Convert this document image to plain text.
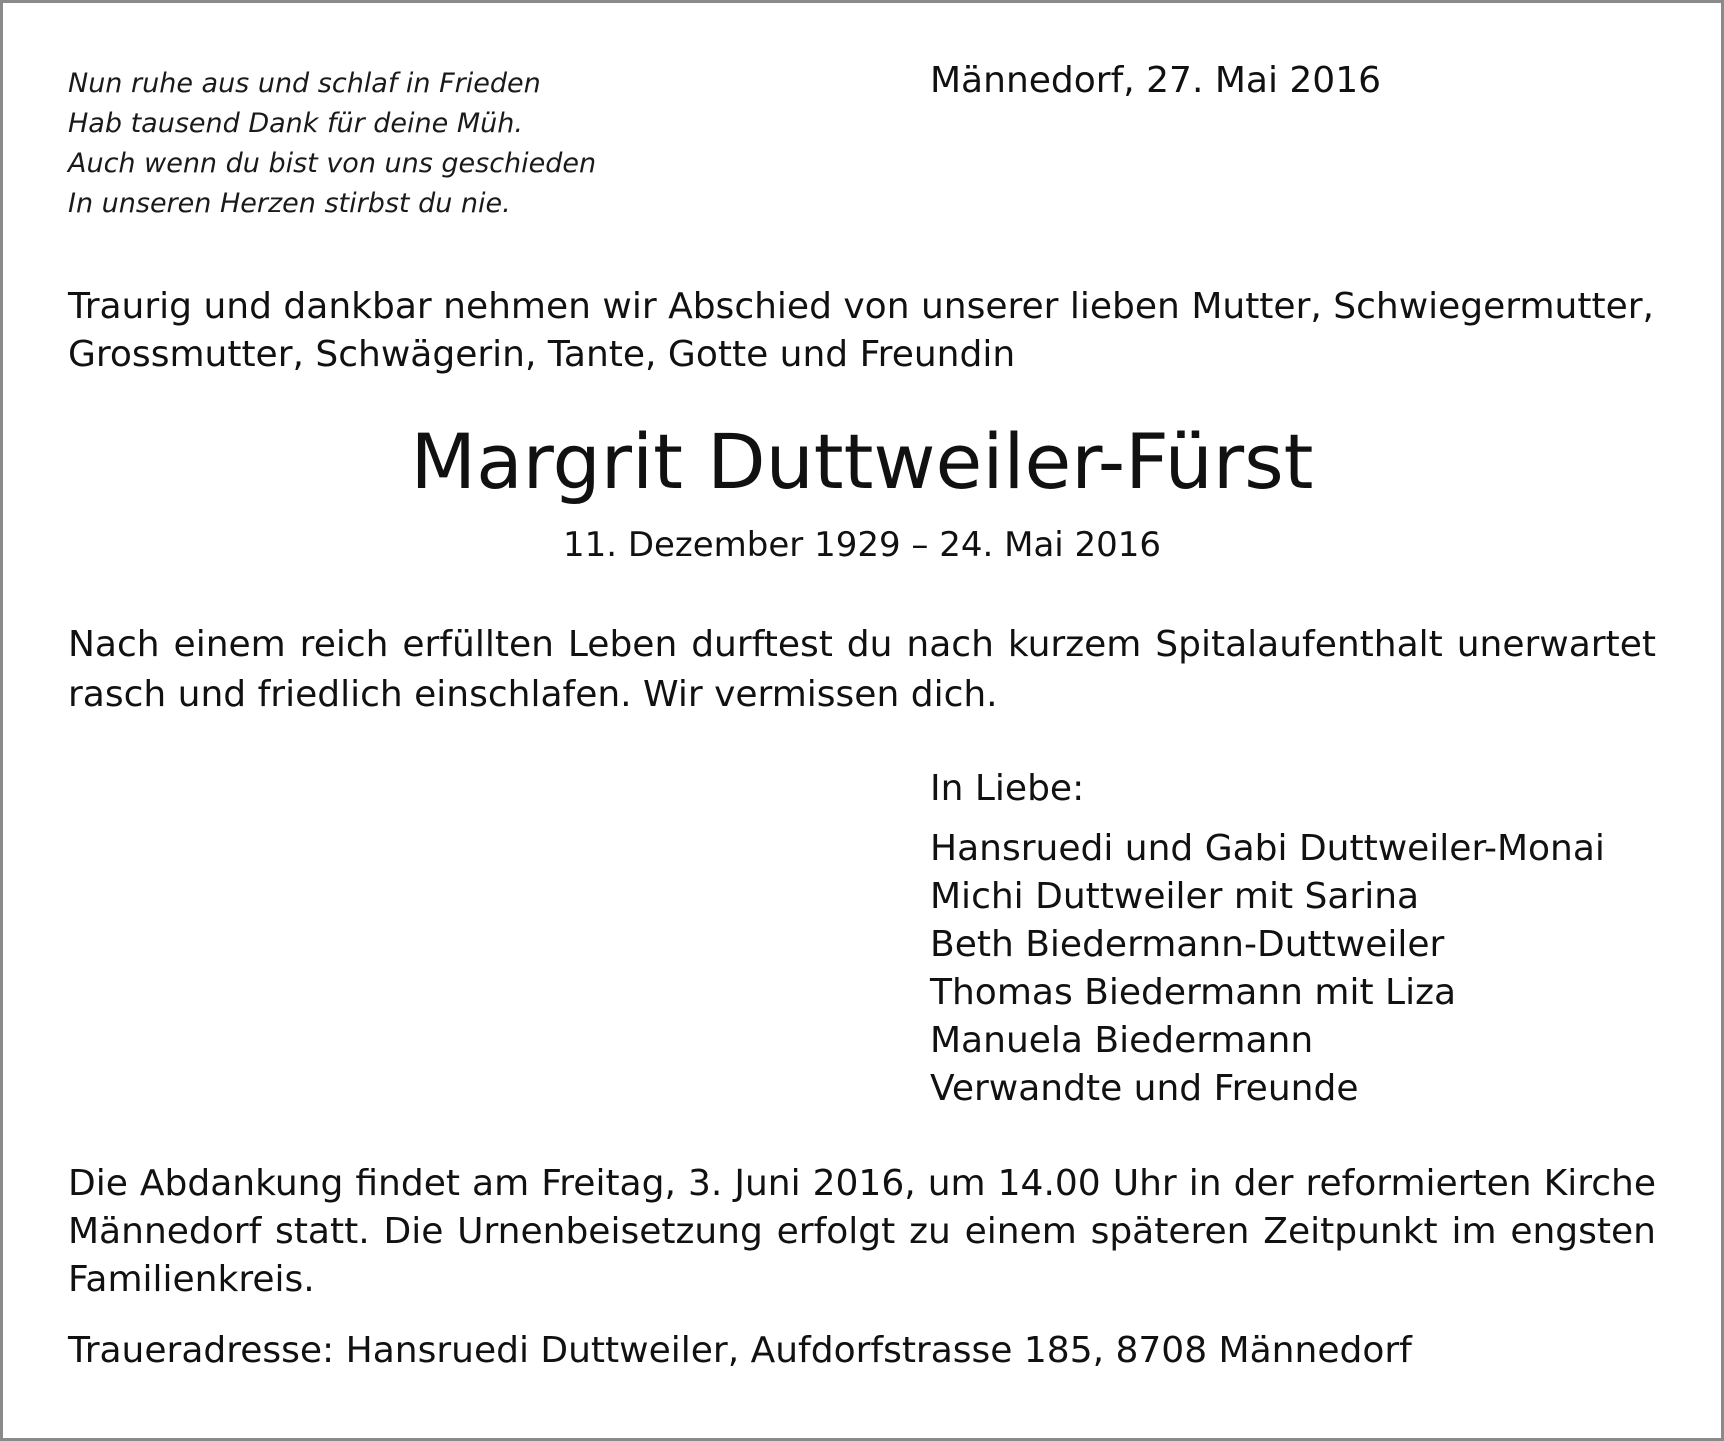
Nun ruhe aus und schlaf in Frieden
Hab tausend Dank für deine Müh.
Auch wenn du bist von uns geschieden
In unseren Herzen stirbst du nie.
Männedorf, 27. Mai 2016
Traurig und dankbar nehmen wir Abschied von unserer lieben Mutter, Schwiegermutter,
Grossmutter, Schwägerin, Tante, Gotte und Freundin
Margrit Duttweiler-Fürst
11. Dezember 1929 – 24. Mai 2016
Nach einem reich erfüllten Leben durftest du nach kurzem Spitalaufenthalt unerwartet rasch und friedlich einschlafen. Wir vermissen dich.
In Liebe:
Hansruedi und Gabi Duttweiler-Monai
Michi Duttweiler mit Sarina
Beth Biedermann-Duttweiler
Thomas Biedermann mit Liza
Manuela Biedermann
Verwandte und Freunde
Die Abdankung findet am Freitag, 3. Juni 2016, um 14.00 Uhr in der reformierten Kirche Männedorf statt. Die Urnenbeisetzung erfolgt zu einem späteren Zeitpunkt im engsten Familienkreis.
Traueradresse: Hansruedi Duttweiler, Aufdorfstrasse 185, 8708 Männedorf
